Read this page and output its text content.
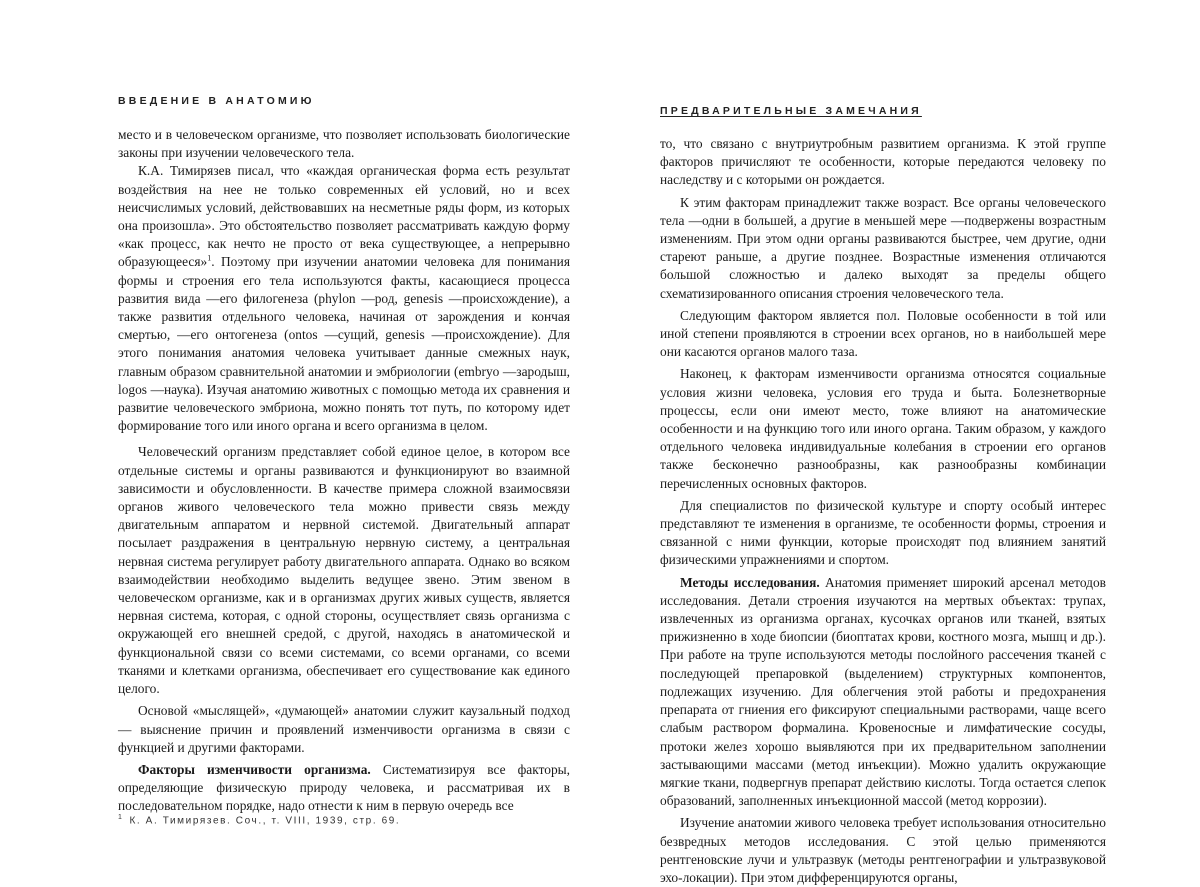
ВВЕДЕНИЕ В АНАТОМИЮ

место и в человеческом организме, что позволяет использовать биологические законы при изучении человеческого тела.

К.А. Тимирязев писал, что «каждая органическая форма есть результат воздействия на нее не только современных ей условий, но и всех неисчислимых условий, действовавших на несметные ряды форм, из которых она произошла». Это обстоятельство позволяет рассматривать каждую форму «как процесс, как нечто не просто от века существующее, а непрерывно образующееся»$^1$. Поэтому при изучении анатомии человека для понимания формы и строения его тела используются факты, касающиеся процесса развития вида —его филогенеза (phylon —род, genesis —происхождение), а также развития отдельного человека, начиная от зарождения и кончая смертью, —его онтогенеза (ontos —сущий, genesis —происхождение). Для этого понимания анатомия человека учитывает данные смежных наук, главным образом сравнительной анатомии и эмбриологии (embryo —зародыш, logos —наука). Изучая анатомию животных с помощью метода их сравнения и развитие человеческого эмбриона, можно понять тот путь, по которому идет формирование того или иного органа и всего организма в целом.

Человеческий организм представляет собой единое целое, в котором все отдельные системы и органы развиваются и функционируют во взаимной зависимости и обусловленности. В качестве примера сложной взаимосвязи органов живого человеческого тела можно привести связь между двигательным аппаратом и нервной системой. Двигательный аппарат посылает раздражения в центральную нервную систему, а центральная нервная система регулирует работу двигательного аппарата. Однако во всяком взаимодействии необходимо выделить ведущее звено. Этим звеном в человеческом организме, как и в организмах других живых существ, является нервная система, которая, с одной стороны, осуществляет связь организма с окружающей его внешней средой, с другой, находясь в анатомической и функциональной связи со всеми системами, со всеми органами, со всеми тканями и клетками организма, обеспечивает его существование как единого целого.

Основой «мыслящей», «думающей» анатомии служит каузальный подход — выяснение причин и проявлений изменчивости организма в связи с функцией и другими факторами.

Факторы изменчивости организма. Систематизируя все факторы, определяющие физическую природу человека, и рассматривая их в последовательном порядке, надо отнести к ним в первую очередь все

$^1$ К. А. Тимирязев. Соч., т. VIII, 1939, стр. 69.
ПРЕДВАРИТЕЛЬНЫЕ ЗАМЕЧАНИЯ

то, что связано с внутриутробным развитием организма. К этой группе факторов причисляют те особенности, которые передаются человеку по наследству и с которыми он рождается.

К этим факторам принадлежит также возраст. Все органы человеческого тела —одни в большей, а другие в меньшей мере —подвержены возрастным изменениям. При этом одни органы развиваются быстрее, чем другие, одни стареют раньше, а другие позднее. Возрастные изменения отличаются большой сложностью и далеко выходят за пределы общего схематизированного описания строения человеческого тела.

Следующим фактором является пол. Половые особенности в той или иной степени проявляются в строении всех органов, но в наибольшей мере они касаются органов малого таза.

Наконец, к факторам изменчивости организма относятся социальные условия жизни человека, условия его труда и быта. Болезнетворные процессы, если они имеют место, тоже влияют на анатомические особенности и на функцию того или иного органа. Таким образом, у каждого отдельного человека индивидуальные колебания в строении его органов также бесконечно разнообразны, как разнообразны комбинации перечисленных основных факторов.

Для специалистов по физической культуре и спорту особый интерес представляют те изменения в организме, те особенности формы, строения и связанной с ними функции, которые происходят под влиянием занятий физическими упражнениями и спортом.

Методы исследования. Анатомия применяет широкий арсенал методов исследования. Детали строения изучаются на мертвых объектах: трупах, извлеченных из организма органах, кусочках органов или тканей, взятых прижизненно в ходе биопсии (биоптатах крови, костного мозга, мышц и др.). При работе на трупе используются методы послойного рассечения тканей с последующей препаровкой (выделением) структурных компонентов, подлежащих изучению. Для облегчения этой работы и предохранения препарата от гниения его фиксируют специальными растворами, чаще всего слабым раствором формалина. Кровеносные и лимфатические сосуды, протоки желез хорошо выявляются при их предварительном заполнении застывающими массами (метод инъекции). Можно удалить окружающие мягкие ткани, подвергнув препарат действию кислоты. Тогда остается слепок образований, заполненных инъекционной массой (метод коррозии).

Изучение анатомии живого человека требует использования относительно безвредных методов исследования. С этой целью применяются рентгеновские лучи и ультразвук (методы рентгенографии и ультразвуковой эхо-локации). При этом дифференцируются органы,
